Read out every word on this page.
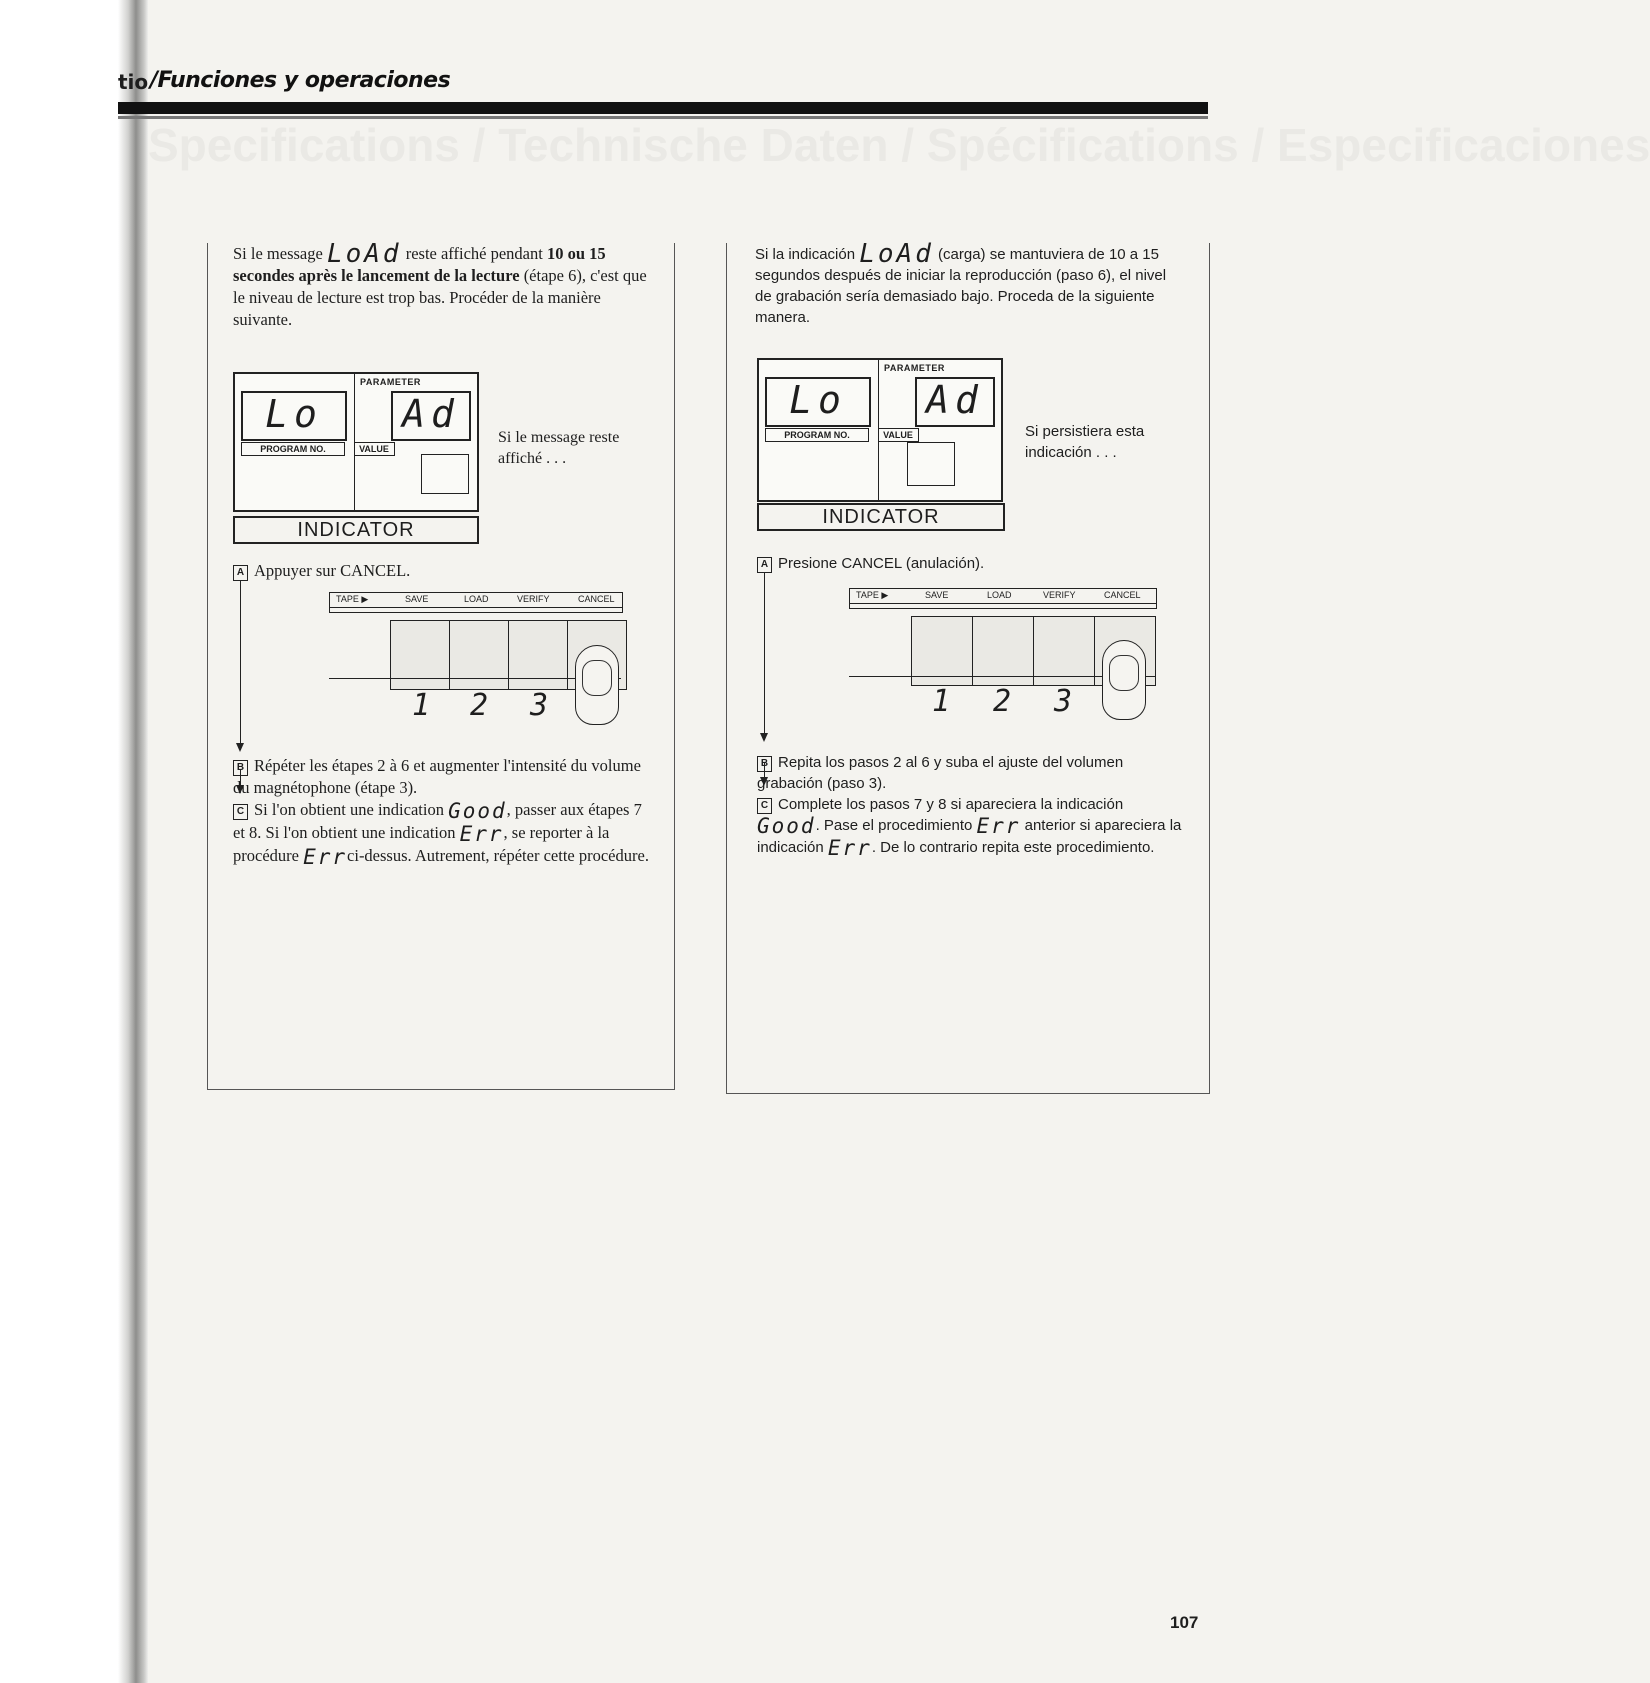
Specifications / Technische Daten / Spécifications / Especificaciones
/Funciones y operaciones
tio
Si le message LoAd reste affiché pendant 10 ou 15 secondes après le lancement de la lecture (étape 6), c'est que le niveau de lecture est trop bas. Procéder de la manière suivante.
PARAMETER
Lo	Ad
PROGRAM NO.	VALUE
Si le message reste affiché . . .
INDICATOR
A Appuyer sur CANCEL.
TAPE ▶	SAVE	LOAD	VERIFY	CANCEL
1 2 3
B Répéter les étapes 2 à 6 et augmenter l'intensité du volume du magnétophone (étape 3).
C Si l'on obtient une indication Good, passer aux étapes 7 et 8. Si l'on obtient une indication Err, se reporter à la procédure Errci-dessus. Autrement, répéter cette procédure.
Si la indicación LoAd (carga) se mantuviera de 10 a 15 segundos después de iniciar la reproducción (paso 6), el nivel de grabación sería demasiado bajo. Proceda de la siguiente manera.
PARAMETER
Lo	Ad
PROGRAM NO.	VALUE	Si persistiera esta indicación . . .
INDICATOR
A Presione CANCEL (anulación).
TAPE ▶	SAVE	LOAD	VERIFY	CANCEL
1 2 3
B Repita los pasos 2 al 6 y suba el ajuste del volumen grabación (paso 3).
C Complete los pasos 7 y 8 si apareciera la indicación Good. Pase el procedimiento Err anterior si apareciera la indicación Err. De lo contrario repita este procedimiento.
107
